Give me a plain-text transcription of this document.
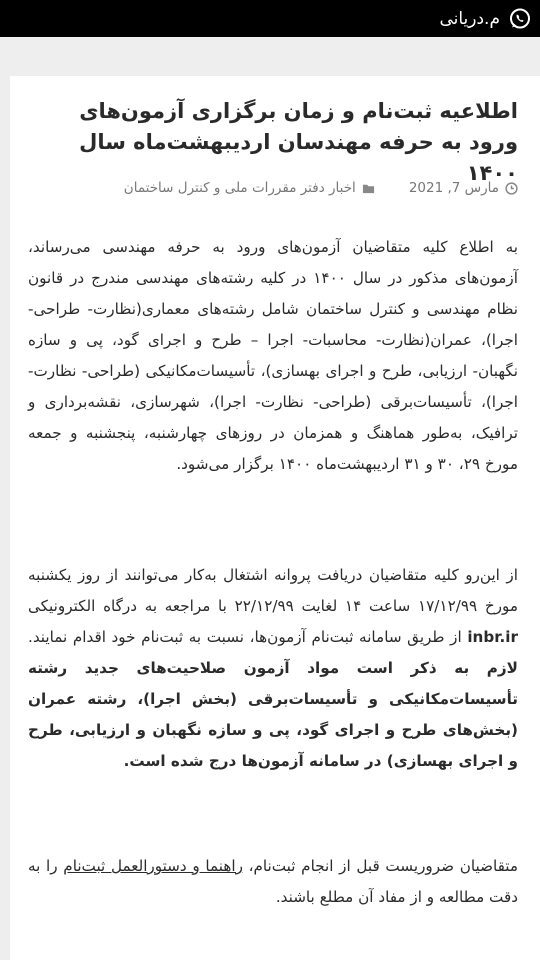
م.دریانی
اطلاعیه ثبت‌نام و زمان برگزاری آزمون‌های ورود به حرفه مهندسان اردیبهشت‌ماه سال ۱۴۰۰
مارس 7, 2021
اخبار دفتر مقررات ملی و کنترل ساختمان

به اطلاع کلیه متقاضیان آزمون‌های ورود به حرفه مهندسی می‌رساند، آزمون‌های مذکور در سال ۱۴۰۰ در کلیه رشته‌های مهندسی مندرج در قانون نظام مهندسی و کنترل ساختمان شامل رشته‌های معماری(نظارت- طراحی- اجرا)، عمران(نظارت- محاسبات- اجرا – طرح و اجرای گود، پی و سازه نگهبان- ارزیابی، طرح و اجرای بهسازی)، تأسیسات‌مکانیکی (طراحی- نظارت- اجرا)، تأسیسات‌برقی (طراحی- نظارت- اجرا)، شهرسازی، نقشه‌برداری و ترافیک، به‌طور هماهنگ و همزمان در روزهای چهارشنبه، پنجشنبه و جمعه مورخ ۲۹، ۳۰ و ۳۱ اردیبهشت‌ماه ۱۴۰۰ برگزار می‌شود.

از این‌رو کلیه متقاضیان دریافت پروانه اشتغال به‌کار می‌توانند از روز یکشنبه مورخ ۱۷/۱۲/۹۹ ساعت ۱۴ لغایت ۲۲/۱۲/۹۹ با مراجعه به درگاه الکترونیکی inbr.ir از طریق سامانه ثبت‌نام آزمون‌ها، نسبت به ثبت‌نام خود اقدام نمایند. لازم به ذکر است مواد آزمون صلاحیت‌های جدید رشته تأسیسات‌مکانیکی و تأسیسات‌برقی (بخش اجرا)، رشته عمران (بخش‌های طرح و اجرای گود، پی و سازه نگهبان و ارزیابی، طرح و اجرای بهسازی) در سامانه آزمون‌ها درج شده است.

متقاضیان ضروریست قبل از انجام ثبت‌نام، راهنما و دستورالعمل ثبت‌نام را به دقت مطالعه و از مفاد آن مطلع باشند.
